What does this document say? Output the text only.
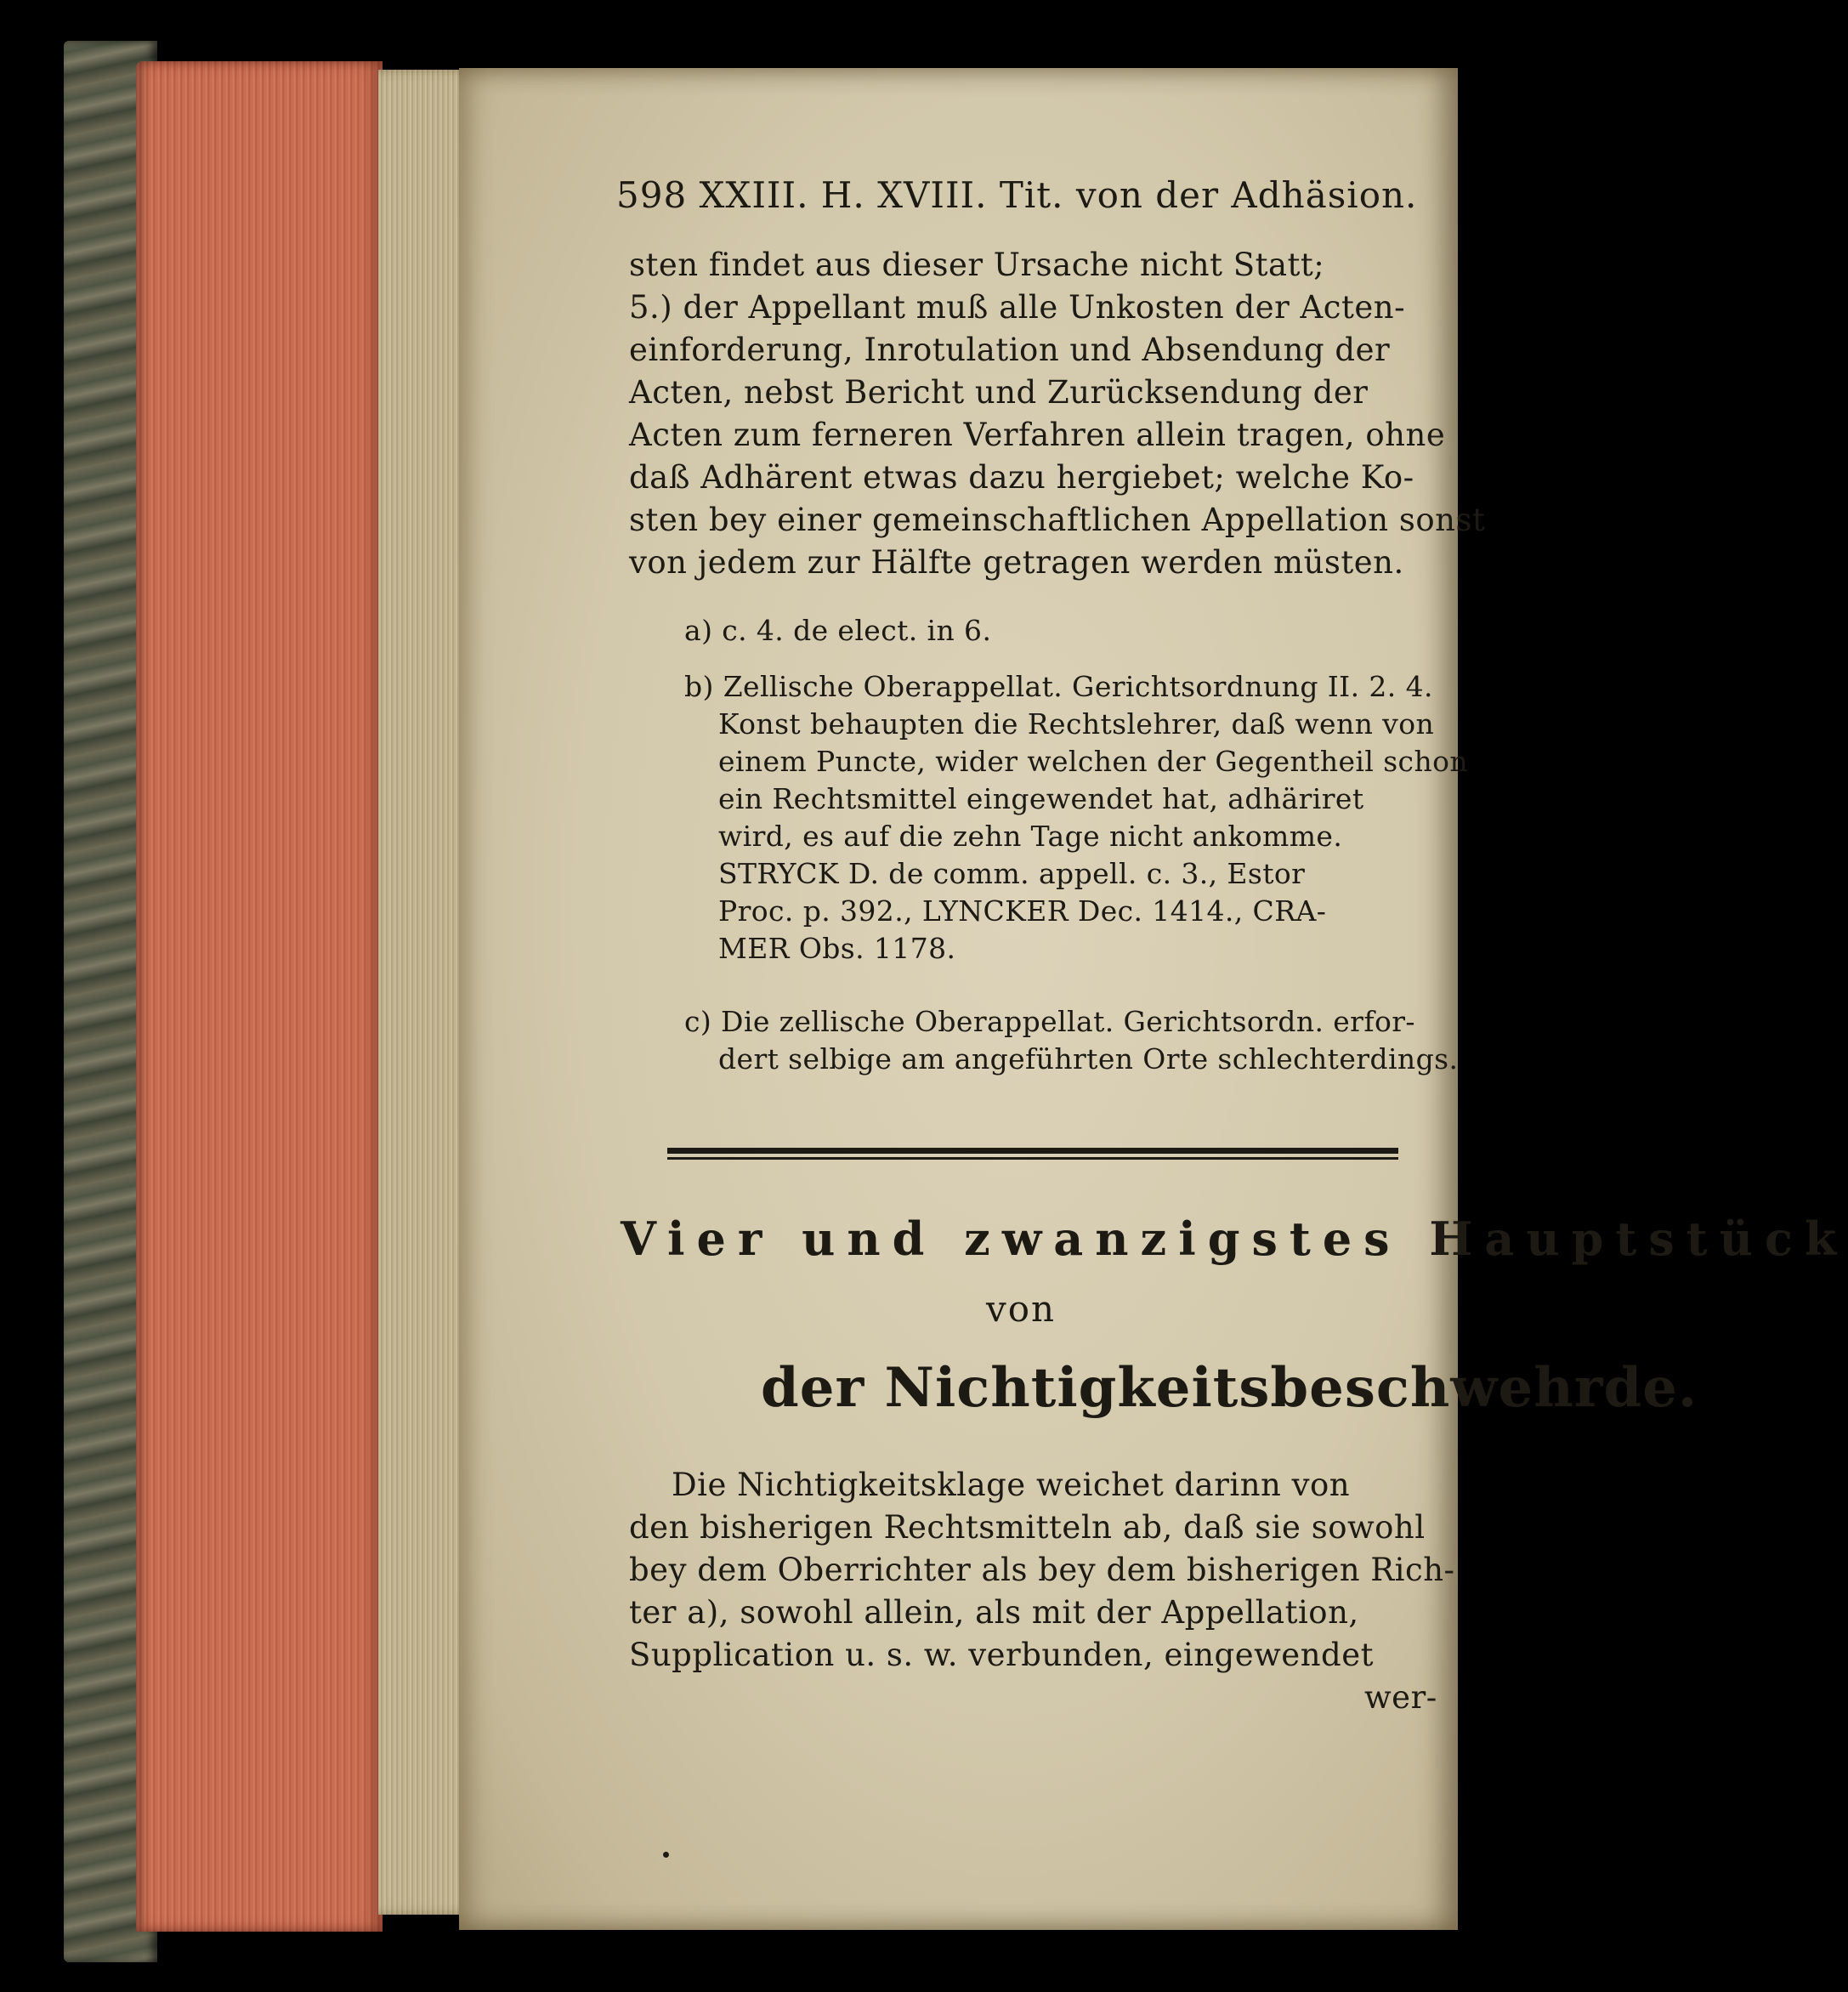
598 XXIII. H. XVIII. Tit. von der Adhäsion.
sten findet aus dieser Ursache nicht Statt;
5.) der Appellant muß alle Unkosten der Acten-
einforderung, Inrotulation und Absendung der
Acten, nebst Bericht und Zurücksendung der
Acten zum ferneren Verfahren allein tragen, ohne
daß Adhärent etwas dazu hergiebet; welche Ko-
sten bey einer gemeinschaftlichen Appellation sonst
von jedem zur Hälfte getragen werden müsten.
a) c. 4. de elect. in 6.
b) Zellische Oberappellat. Gerichtsordnung II. 2. 4.
Konst behaupten die Rechtslehrer, daß wenn von
einem Puncte, wider welchen der Gegentheil schon
ein Rechtsmittel eingewendet hat, adhäriret
wird, es auf die zehn Tage nicht ankomme.
STRYCK D. de comm. appell. c. 3., Estor
Proc. p. 392., LYNCKER Dec. 1414., CRA-
MER Obs. 1178.
c) Die zellische Oberappellat. Gerichtsordn. erfor-
dert selbige am angeführten Orte schlechterdings.
Vier und zwanzigstes Hauptstück
von
der Nichtigkeitsbeschwehrde.
Die Nichtigkeitsklage weichet darinn von
den bisherigen Rechtsmitteln ab, daß sie sowohl
bey dem Oberrichter als bey dem bisherigen Rich-
ter a), sowohl allein, als mit der Appellation,
Supplication u. s. w. verbunden, eingewendet
wer-
